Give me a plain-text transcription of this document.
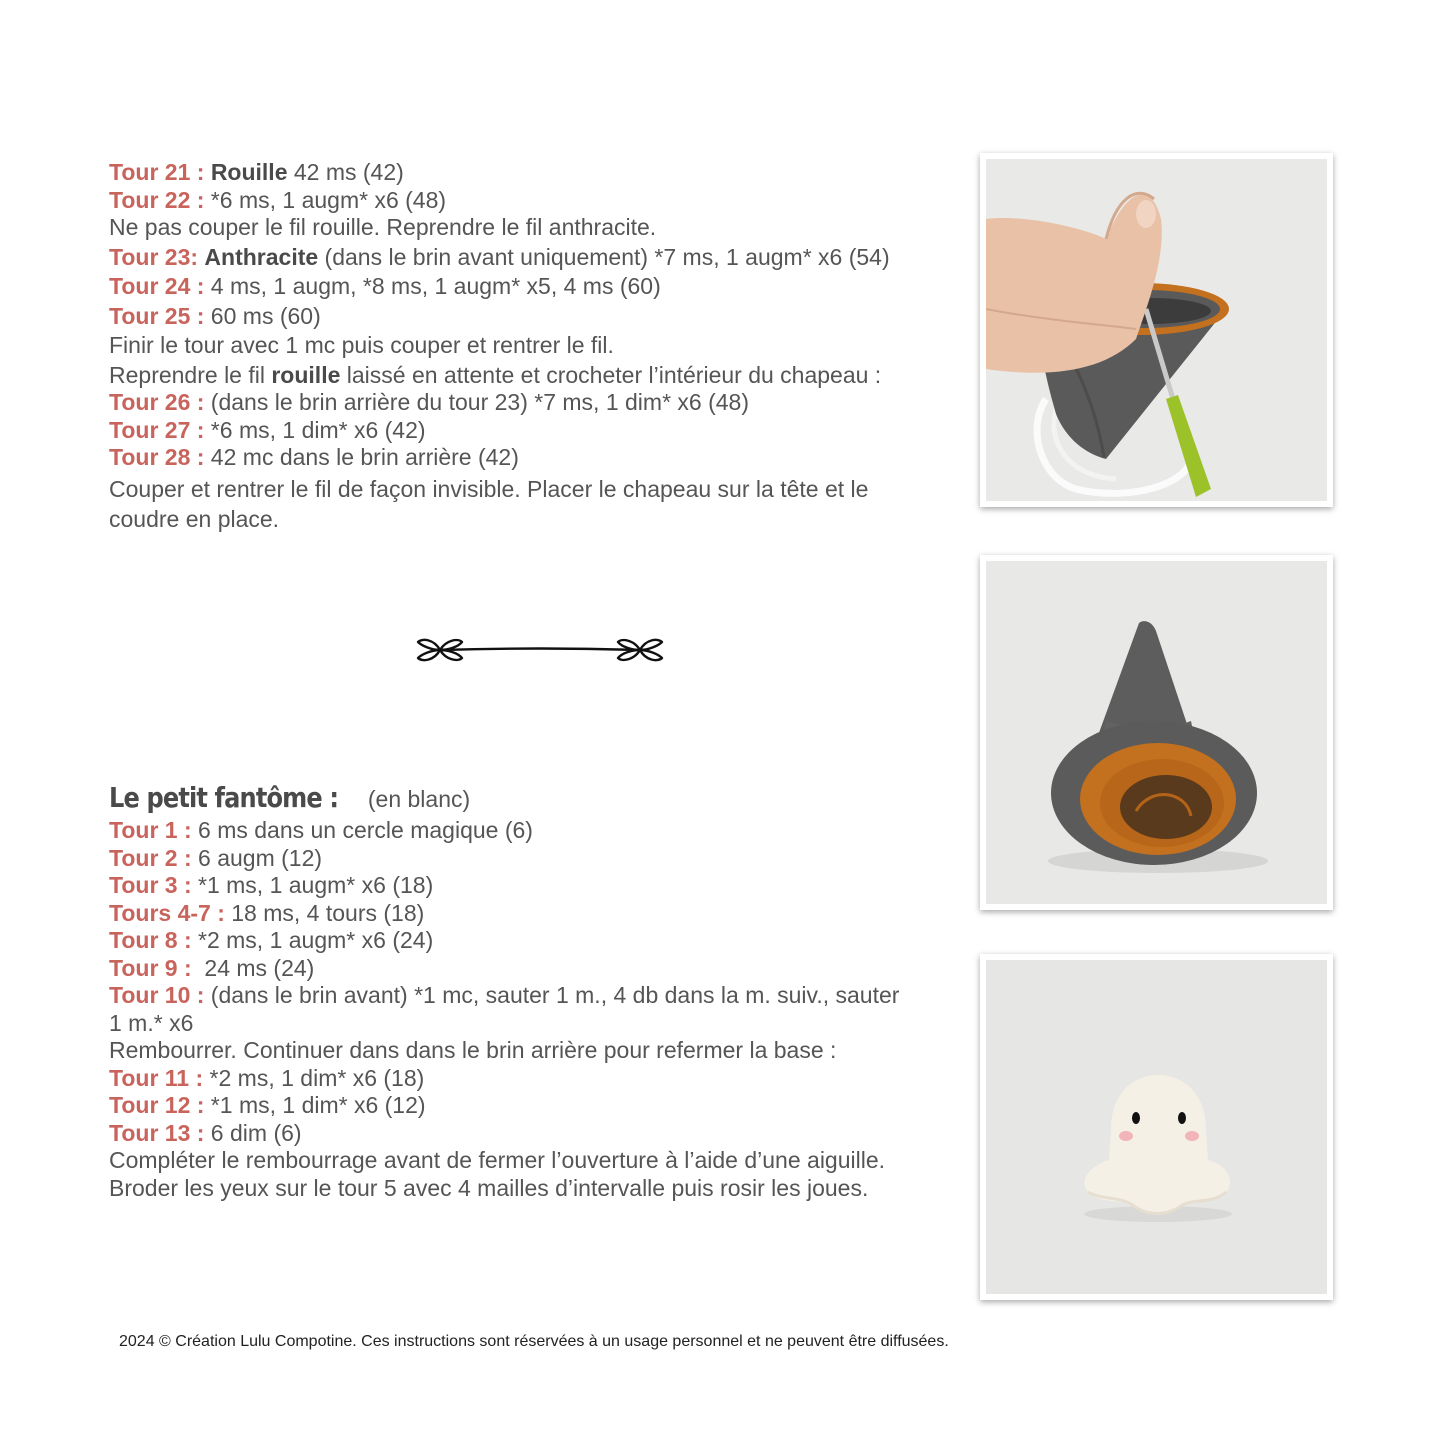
Tour 21 : Rouille 42 ms (42)
Tour 22 : *6 ms, 1 augm* x6 (48)
Ne pas couper le fil rouille. Reprendre le fil anthracite.
Tour 23: Anthracite (dans le brin avant uniquement) *7 ms, 1 augm* x6 (54)
Tour 24 : 4 ms, 1 augm, *8 ms, 1 augm* x5, 4 ms (60)
Tour 25 : 60 ms (60)
Finir le tour avec 1 mc puis couper et rentrer le fil.
Reprendre le fil rouille laissé en attente et crocheter l’intérieur du chapeau :
Tour 26 : (dans le brin arrière du tour 23) *7 ms, 1 dim* x6 (48)
Tour 27 : *6 ms, 1 dim* x6 (42)
Tour 28 : 42 mc dans le brin arrière (42)
Couper et rentrer le fil de façon invisible. Placer le chapeau sur la tête et le coudre en place.
Le petit fantôme : (en blanc)
Tour 1 : 6 ms dans un cercle magique (6)
Tour 2 : 6 augm (12)
Tour 3 : *1 ms, 1 augm* x6 (18)
Tours 4-7 : 18 ms, 4 tours (18)
Tour 8 : *2 ms, 1 augm* x6 (24)
Tour 9 :  24 ms (24)
Tour 10 : (dans le brin avant) *1 mc, sauter 1 m., 4 db dans la m. suiv., sauter 1 m.* x6
Rembourrer. Continuer dans dans le brin arrière pour refermer la base :
Tour 11 : *2 ms, 1 dim* x6 (18)
Tour 12 : *1 ms, 1 dim* x6 (12)
Tour 13 : 6 dim (6)
Compléter le rembourrage avant de fermer l’ouverture à l’aide d’une aiguille.
Broder les yeux sur le tour 5 avec 4 mailles d’intervalle puis rosir les joues.
2024 © Création Lulu Compotine. Ces instructions sont réservées à un usage personnel et ne peuvent être diffusées.
